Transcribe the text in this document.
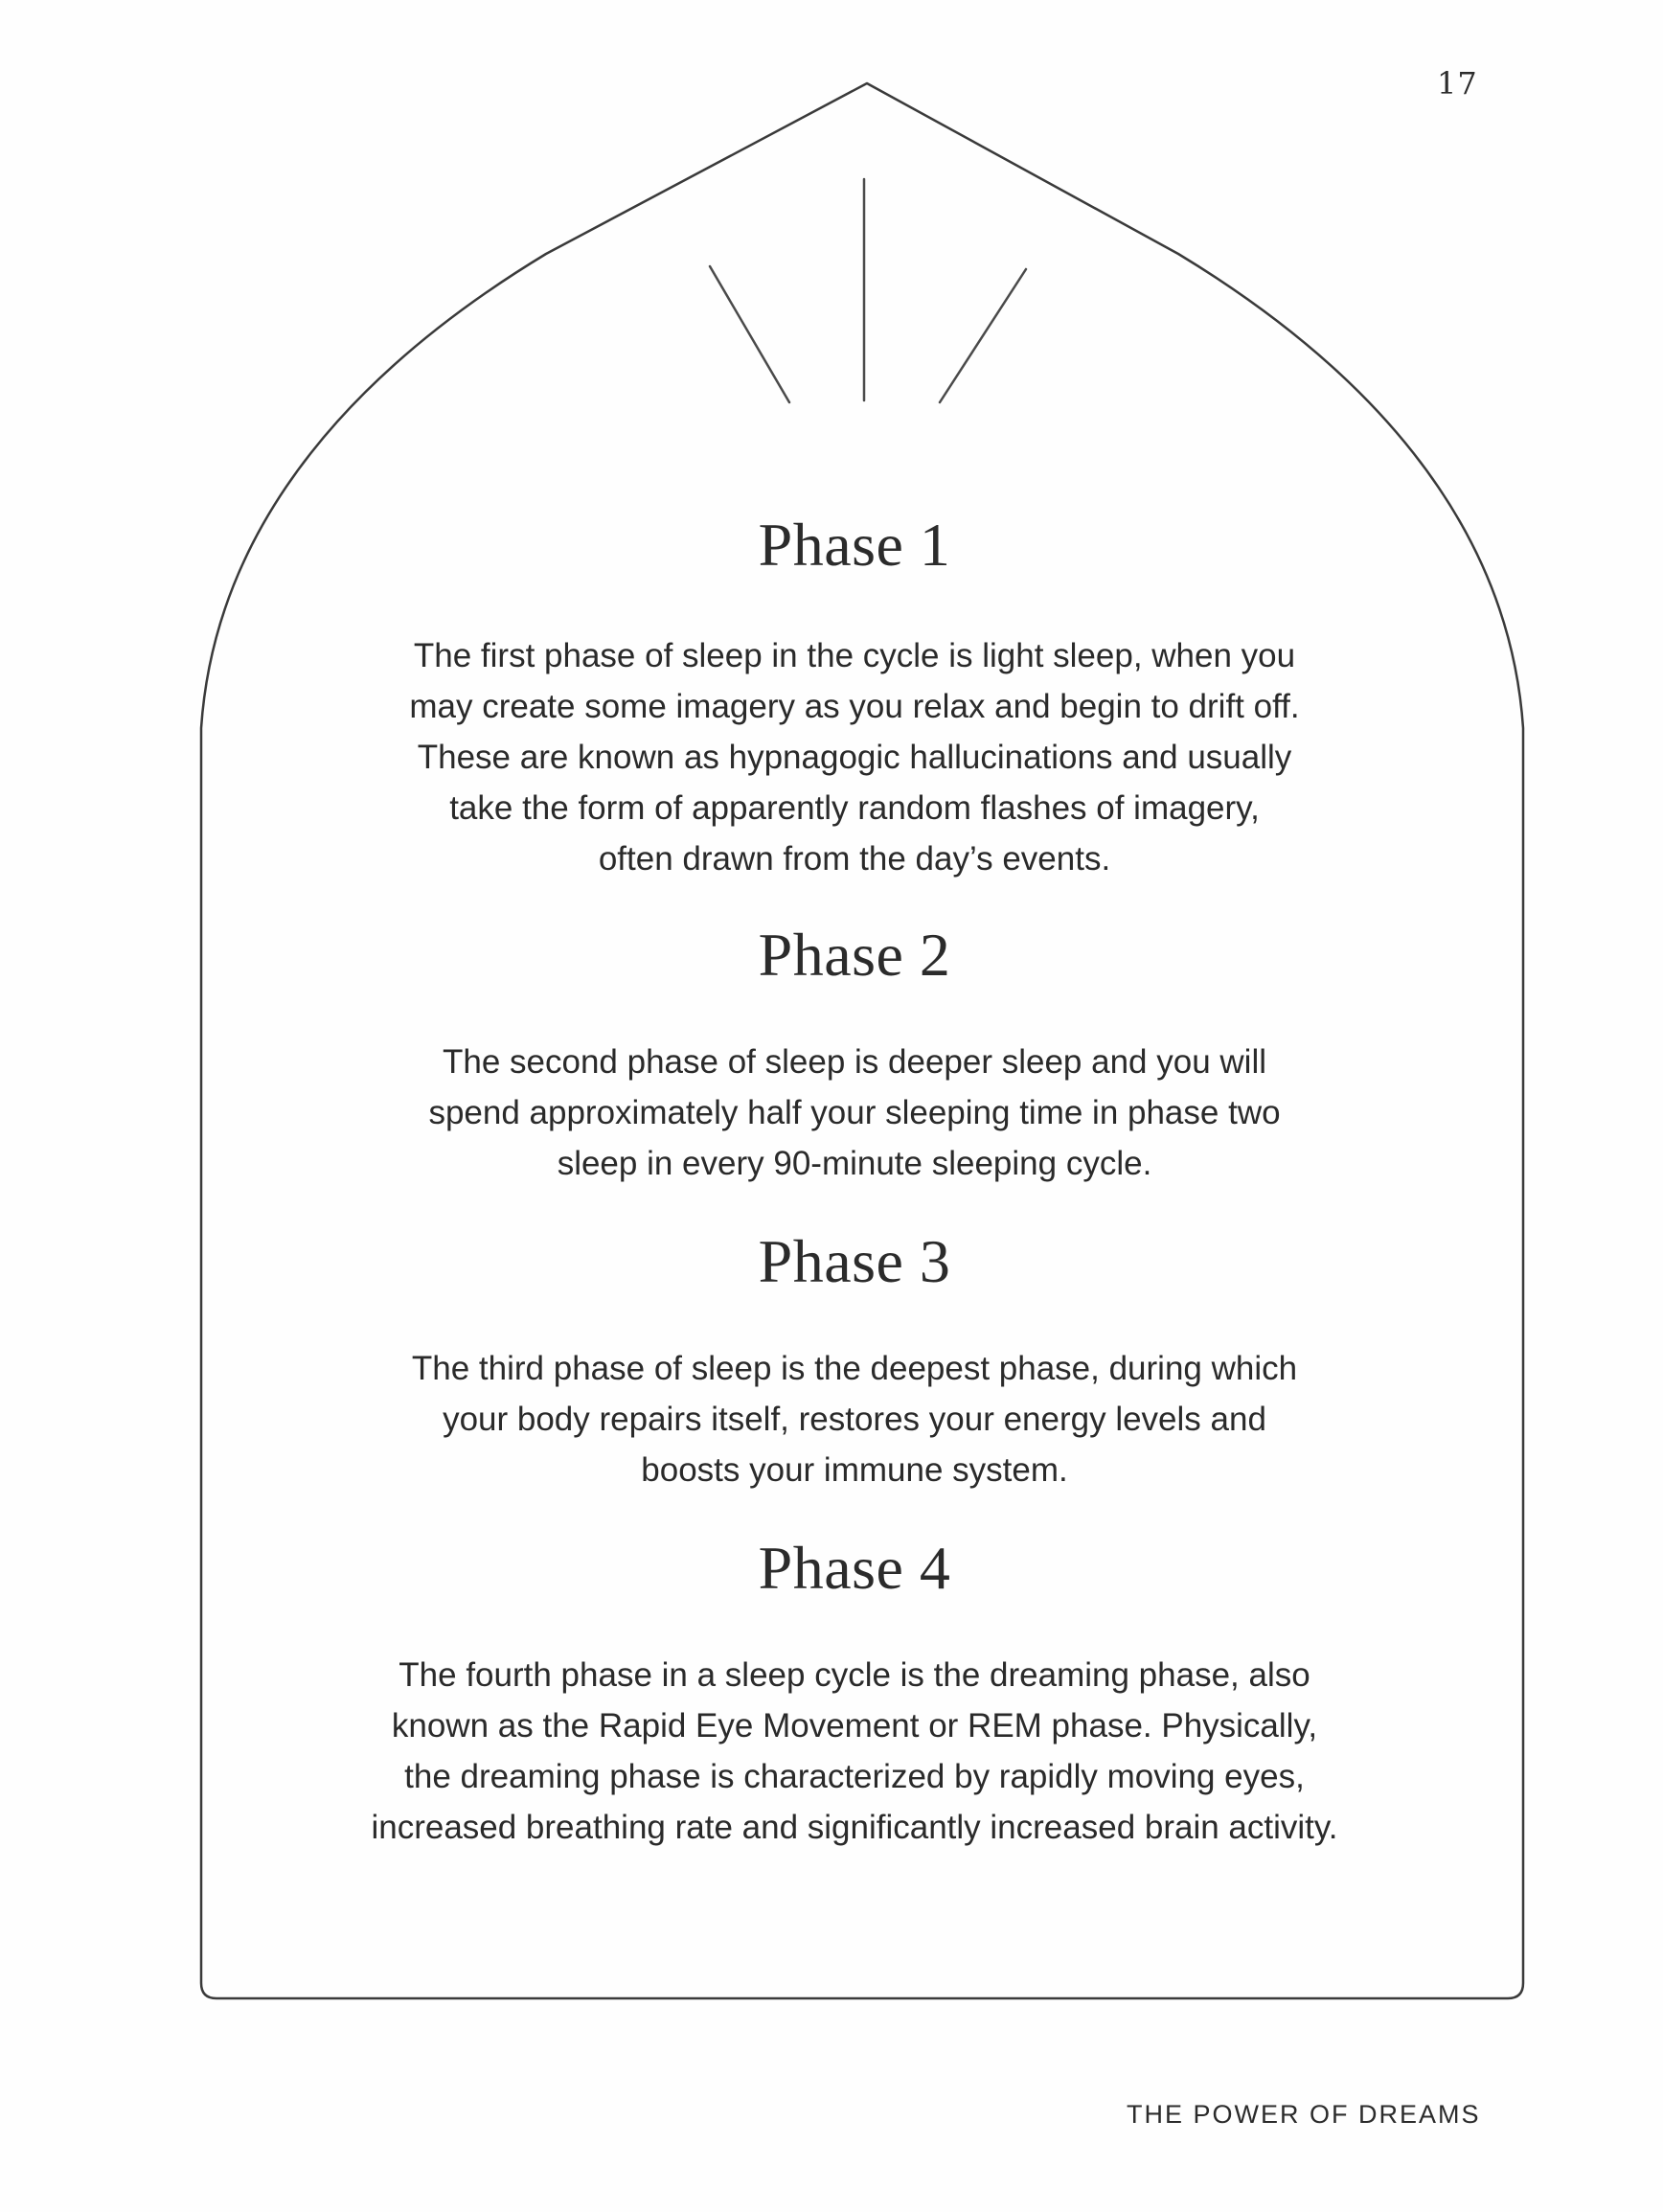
17
Phase 1
The first phase of sleep in the cycle is light sleep, when you
may create some imagery as you relax and begin to drift off.
These are known as hypnagogic hallucinations and usually
take the form of apparently random flashes of imagery,
often drawn from the day’s events.
Phase 2
The second phase of sleep is deeper sleep and you will
spend approximately half your sleeping time in phase two
sleep in every 90-minute sleeping cycle.
Phase 3
The third phase of sleep is the deepest phase, during which
your body repairs itself, restores your energy levels and
boosts your immune system.
Phase 4
The fourth phase in a sleep cycle is the dreaming phase, also
known as the Rapid Eye Movement or REM phase. Physically,
the dreaming phase is characterized by rapidly moving eyes,
increased breathing rate and significantly increased brain activity.
THE POWER OF DREAMS
